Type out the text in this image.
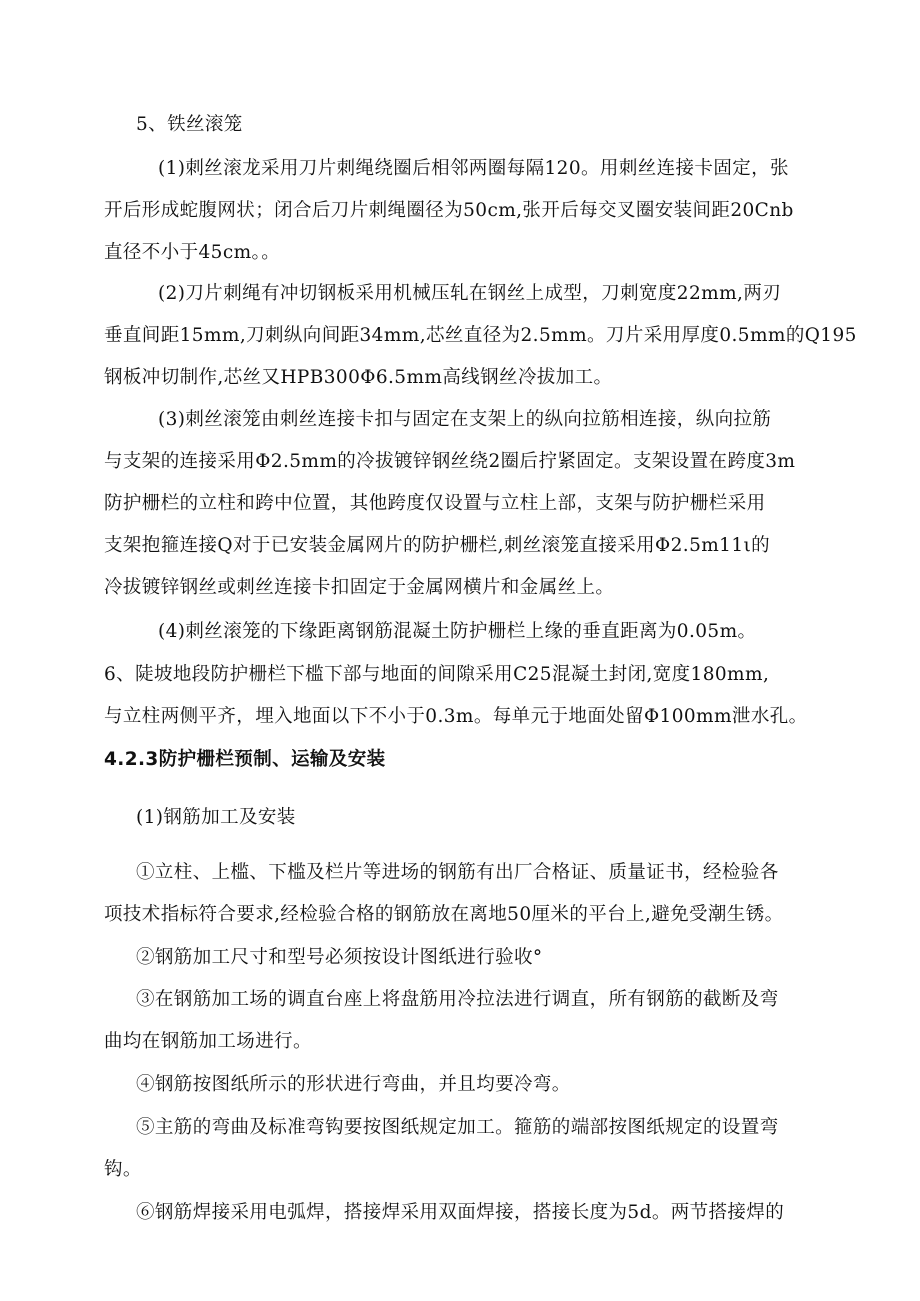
5、铁丝滚笼
(1)刺丝滚龙采用刀片刺绳绕圈后相邻两圈每隔120。用刺丝连接卡固定，张
开后形成蛇腹网状；闭合后刀片刺绳圈径为50cm,张开后每交叉圈安装间距20Cnb
直径不小于45cm。。
(2)刀片刺绳有冲切钢板采用机械压轧在钢丝上成型，刀刺宽度22mm,两刃
垂直间距15mm,刀刺纵向间距34mm,芯丝直径为2.5mm。刀片采用厚度0.5mm的Q195
钢板冲切制作,芯丝又HPB300Φ6.5mm高线钢丝冷拔加工。
(3)刺丝滚笼由刺丝连接卡扣与固定在支架上的纵向拉筋相连接，纵向拉筋
与支架的连接采用Φ2.5mm的冷拔镀锌钢丝绕2圈后拧紧固定。支架设置在跨度3m
防护栅栏的立柱和跨中位置，其他跨度仅设置与立柱上部，支架与防护栅栏采用
支架抱箍连接Q对于已安装金属网片的防护栅栏,刺丝滚笼直接采用Φ2.5m11ι的
冷拔镀锌钢丝或刺丝连接卡扣固定于金属网横片和金属丝上。
(4)刺丝滚笼的下缘距离钢筋混凝土防护栅栏上缘的垂直距离为0.05m。
6、陡坡地段防护栅栏下槛下部与地面的间隙采用C25混凝土封闭,宽度180mm,
与立柱两侧平齐，埋入地面以下不小于0.3m。每单元于地面处留Φ100mm泄水孔。
4.2.3防护栅栏预制、运输及安装
(1)钢筋加工及安装
①立柱、上槛、下槛及栏片等进场的钢筋有出厂合格证、质量证书，经检验各
项技术指标符合要求,经检验合格的钢筋放在离地50厘米的平台上,避免受潮生锈。
②钢筋加工尺寸和型号必须按设计图纸进行验收°
③在钢筋加工场的调直台座上将盘筋用冷拉法进行调直，所有钢筋的截断及弯
曲均在钢筋加工场进行。
④钢筋按图纸所示的形状进行弯曲，并且均要冷弯。
⑤主筋的弯曲及标准弯钩要按图纸规定加工。箍筋的端部按图纸规定的设置弯
钩。
⑥钢筋焊接采用电弧焊，搭接焊采用双面焊接，搭接长度为5d。两节搭接焊的
